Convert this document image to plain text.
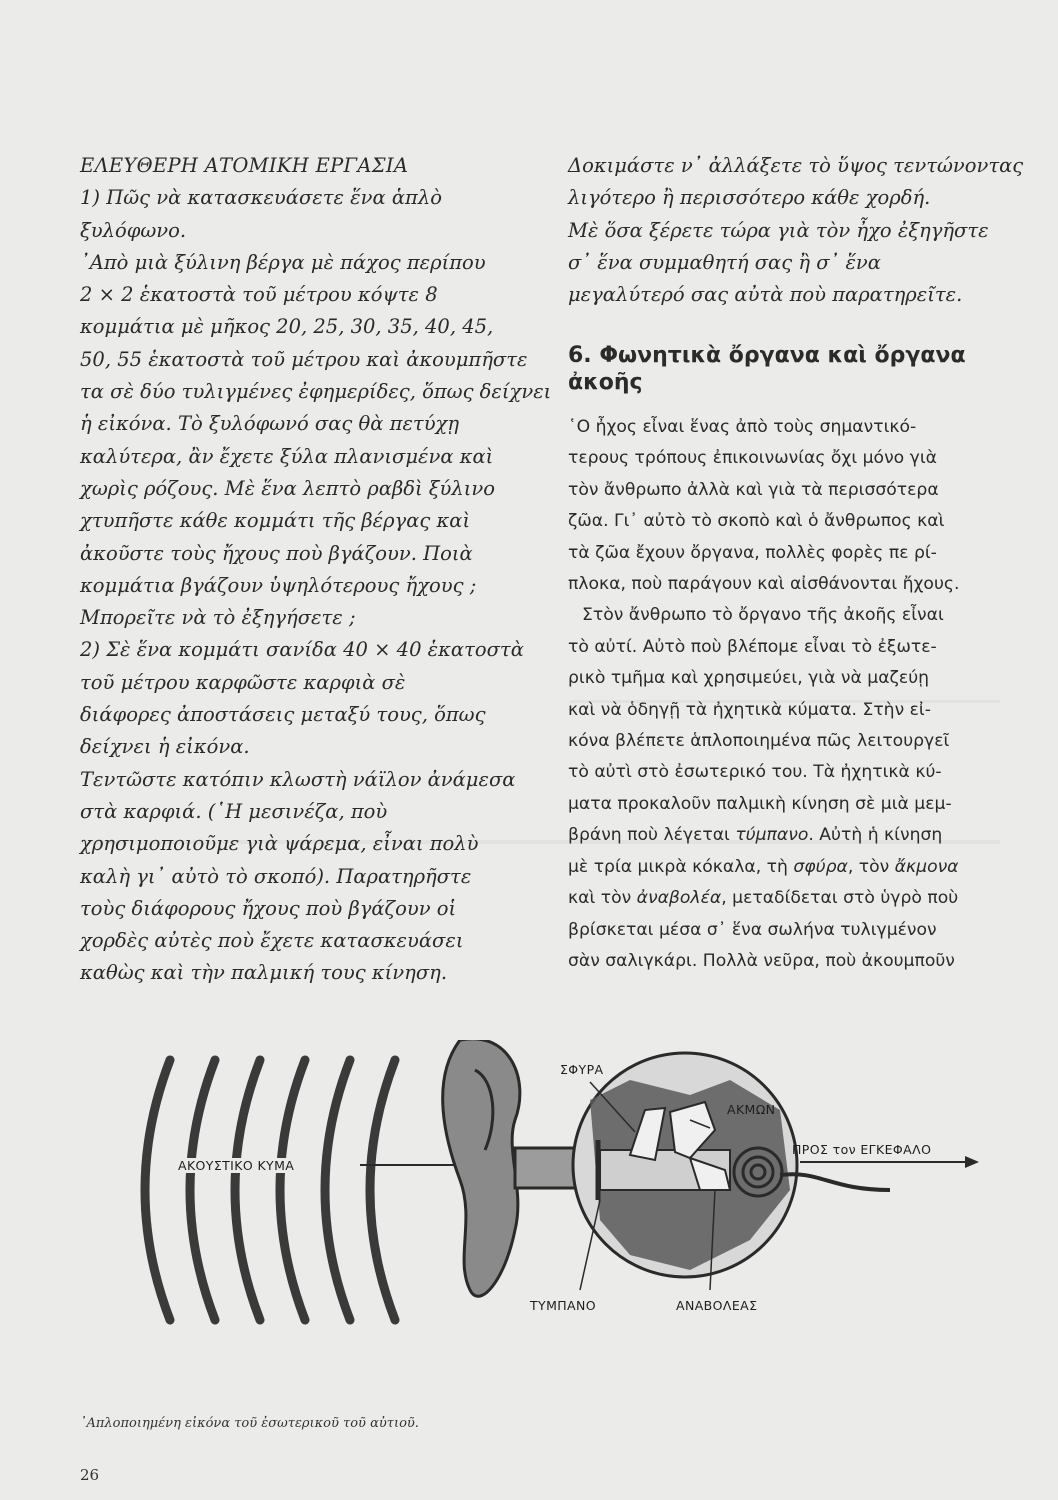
ΕΛΕΥΘΕΡΗ ΑΤΟΜΙΚΗ ΕΡΓΑΣΙΑ
1) Πῶς νὰ κατασκευάσετε ἕνα ἁπλὸ
ξυλόφωνο.
᾿Απὸ μιὰ ξύλινη βέργα μὲ πάχος περίπου
2 × 2 ἑκατοστὰ τοῦ μέτρου κόψτε 8
κομμάτια μὲ μῆκος 20, 25, 30, 35, 40, 45,
50, 55 ἑκατοστὰ τοῦ μέτρου καὶ ἀκουμπῆστε
τα σὲ δύο τυλιγμένες ἐφημερίδες, ὅπως δείχνει
ἡ εἰκόνα. Τὸ ξυλόφωνό σας θὰ πετύχῃ
καλύτερα, ἂν ἔχετε ξύλα πλανισμένα καὶ
χωρὶς ρόζους. Μὲ ἕνα λεπτὸ ραβδὶ ξύλινο
χτυπῆστε κάθε κομμάτι τῆς βέργας καὶ
ἀκοῦστε τοὺς ἤχους ποὺ βγάζουν. Ποιὰ
κομμάτια βγάζουν ὑψηλότερους ἤχους ;
Μπορεῖτε νὰ τὸ ἐξηγήσετε ;
2) Σὲ ἕνα κομμάτι σανίδα 40 × 40 ἑκατοστὰ
τοῦ μέτρου καρφῶστε καρφιὰ σὲ
διάφορες ἀποστάσεις μεταξύ τους, ὅπως
δείχνει ἡ εἰκόνα.
Τεντῶστε κατόπιν κλωστὴ νάϊλον ἀνάμεσα
στὰ καρφιά. (῾Η μεσινέζα, ποὺ
χρησιμοποιοῦμε γιὰ ψάρεμα, εἶναι πολὺ
καλὴ γι᾿ αὐτὸ τὸ σκοπό). Παρατηρῆστε
τοὺς διάφορους ἤχους ποὺ βγάζουν οἱ
χορδὲς αὐτὲς ποὺ ἔχετε κατασκευάσει
καθὼς καὶ τὴν παλμική τους κίνηση.
Δοκιμάστε ν᾿ ἀλλάξετε τὸ ὕψος τεντώνοντας
λιγότερο ἢ περισσότερο κάθε χορδή.
Μὲ ὅσα ξέρετε τώρα γιὰ τὸν ἦχο ἐξηγῆστε
σ᾿ ἕνα συμμαθητή σας ἢ σ᾿ ἕνα
μεγαλύτερό σας αὐτὰ ποὺ παρατηρεῖτε.
6. Φωνητικὰ ὄργανα καὶ ὄργανα
ἀκοῆς
῾Ο ἦχος εἶναι ἕνας ἀπὸ τοὺς σημαντικό-
τερους τρόπους ἐπικοινωνίας ὄχι μόνο γιὰ
τὸν ἄνθρωπο ἀλλὰ καὶ γιὰ τὰ περισσότερα
ζῶα. Γι᾿ αὐτὸ τὸ σκοπὸ καὶ ὁ ἄνθρωπος καὶ
τὰ ζῶα ἔχουν ὄργανα, πολλὲς φορὲς πε ρί-
πλοκα, ποὺ παράγουν καὶ αἰσθάνονται ἤχους.
Στὸν ἄνθρωπο τὸ ὄργανο τῆς ἀκοῆς εἶναι
τὸ αὐτί. Αὐτὸ ποὺ βλέπομε εἶναι τὸ ἐξωτε-
ρικὸ τμῆμα καὶ χρησιμεύει, γιὰ νὰ μαζεύῃ
καὶ νὰ ὁδηγῇ τὰ ἠχητικὰ κύματα. Στὴν εἰ-
κόνα βλέπετε ἁπλοποιημένα πῶς λειτουργεῖ
τὸ αὐτὶ στὸ ἐσωτερικό του. Τὰ ἠχητικὰ κύ-
ματα προκαλοῦν παλμικὴ κίνηση σὲ μιὰ μεμ-
βράνη ποὺ λέγεται τύμπανο. Αὐτὴ ἡ κίνηση
μὲ τρία μικρὰ κόκαλα, τὴ σφύρα, τὸν ἄκμονα
καὶ τὸν ἀναβολέα, μεταδίδεται στὸ ὑγρὸ ποὺ
βρίσκεται μέσα σ᾿ ἕνα σωλήνα τυλιγμένον
σὰν σαλιγκάρι. Πολλὰ νεῦρα, ποὺ ἀκουμποῦν
ΣΦΥΡΑ
ΑΚΜΩΝ
ΑΚΟΥΣΤΙΚΟ ΚΥΜΑ
ΠΡΟΣ τον ΕΓΚΕΦΑΛΟ
ΤΥΜΠΑΝΟ	ΑΝΑΒΟΛΕΑΣ
᾿Απλοποιημένη εἰκόνα τοῦ ἐσωτερικοῦ τοῦ αὐτιοῦ.
26
